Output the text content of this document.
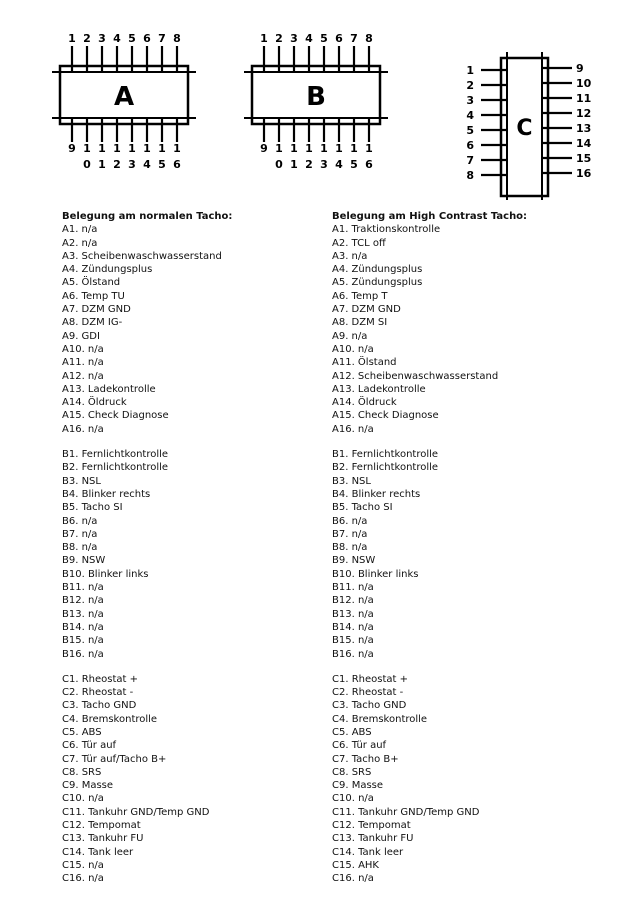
1
9
2
1
0
3
1
1
4
1
2
5
1
3
6
1
4
7
1
5
8
1
6
A
1
9
2
1
0
3
1
1
4
1
2
5
1
3
6
1
4
7
1
5
8
1
6
B
1	9
2	10
3	11
4	12
5	13
6	14
7	15
8	16
C

Belegung am normalen Tacho:

A1. n/a
A2. n/a
A3. Scheibenwaschwasserstand
A4. Zündungsplus
A5. Ölstand
A6. Temp TU
A7. DZM GND
A8. DZM IG-
A9. GDI
A10. n/a
A11. n/a
A12. n/a
A13. Ladekontrolle
A14. Öldruck
A15. Check Diagnose
A16. n/a
B1. Fernlichtkontrolle
B2. Fernlichtkontrolle
B3. NSL
B4. Blinker rechts
B5. Tacho SI
B6. n/a
B7. n/a
B8. n/a
B9. NSW
B10. Blinker links
B11. n/a
B12. n/a
B13. n/a
B14. n/a
B15. n/a
B16. n/a
C1. Rheostat +
C2. Rheostat -
C3. Tacho GND
C4. Bremskontrolle
C5. ABS
C6. Tür auf
C7. Tür auf/Tacho B+
C8. SRS
C9. Masse
C10. n/a
C11. Tankuhr GND/Temp GND
C12. Tempomat
C13. Tankuhr FU
C14. Tank leer
C15. n/a
C16. n/a

Belegung am High Contrast Tacho:

A1. Traktionskontrolle
A2. TCL off
A3. n/a
A4. Zündungsplus
A5. Zündungsplus
A6. Temp T
A7. DZM GND
A8. DZM SI
A9. n/a
A10. n/a
A11. Ölstand
A12. Scheibenwaschwasserstand
A13. Ladekontrolle
A14. Öldruck
A15. Check Diagnose
A16. n/a
B1. Fernlichtkontrolle
B2. Fernlichtkontrolle
B3. NSL
B4. Blinker rechts
B5. Tacho SI
B6. n/a
B7. n/a
B8. n/a
B9. NSW
B10. Blinker links
B11. n/a
B12. n/a
B13. n/a
B14. n/a
B15. n/a
B16. n/a
C1. Rheostat +
C2. Rheostat -
C3. Tacho GND
C4. Bremskontrolle
C5. ABS
C6. Tür auf
C7. Tacho B+
C8. SRS
C9. Masse
C10. n/a
C11. Tankuhr GND/Temp GND
C12. Tempomat
C13. Tankuhr FU
C14. Tank leer
C15. AHK
C16. n/a
